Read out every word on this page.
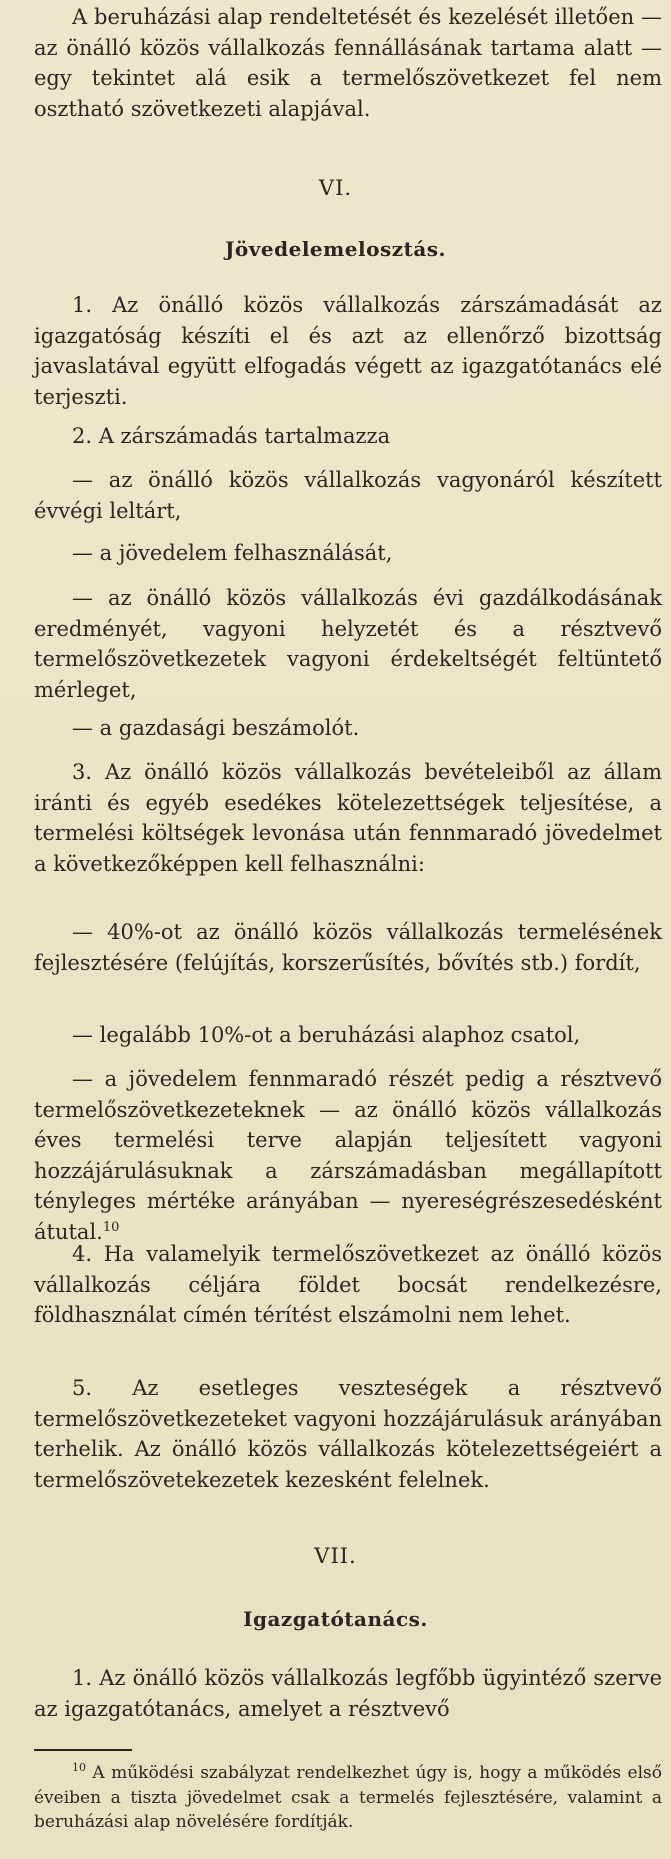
A beruházási alap rendeltetését és kezelését illetően — az önálló közös vállalkozás fennállásának tartama alatt — egy tekintet alá esik a termelőszövetkezet fel nem osztható szövetkezeti alapjával.

VI.

Jövedelemelosztás.

1. Az önálló közös vállalkozás zárszámadását az igazgatóság készíti el és azt az ellenőrző bizottság javaslatával együtt elfogadás végett az igazgatótanács elé terjeszti.

2. A zárszámadás tartalmazza

— az önálló közös vállalkozás vagyonáról készített évvégi leltárt,

— a jövedelem felhasználását,

— az önálló közös vállalkozás évi gazdálkodásának eredményét, vagyoni helyzetét és a résztvevő termelőszövetkezetek vagyoni érdekeltségét feltüntető mérleget,

— a gazdasági beszámolót.

3. Az önálló közös vállalkozás bevételeiből az állam iránti és egyéb esedékes kötelezettségek teljesítése, a termelési költségek levonása után fennmaradó jövedelmet a következőképpen kell felhasználni:

— 40%-ot az önálló közös vállalkozás termelésének fejlesztésére (felújítás, korszerűsítés, bővítés stb.) fordít,

— legalább 10%-ot a beruházási alaphoz csatol,

— a jövedelem fennmaradó részét pedig a résztvevő termelőszövetkezeteknek — az önálló közös vállalkozás éves termelési terve alapján teljesített vagyoni hozzájárulásuknak a zárszámadásban megállapított tényleges mértéke arányában — nyereségrészesedésként átutal.$^{10}$

4. Ha valamelyik termelőszövetkezet az önálló közös vállalkozás céljára földet bocsát rendelkezésre, földhasználat címén térítést elszámolni nem lehet.

5. Az esetleges veszteségek a résztvevő termelőszövetkezeteket vagyoni hozzájárulásuk arányában terhelik. Az önálló közös vállalkozás kötelezettségeiért a termelőszövetekezetek kezesként felelnek.

VII.

Igazgatótanács.

1. Az önálló közös vállalkozás legfőbb ügyintéző szerve az igazgatótanács, amelyet a résztvevő

$^{10}$ A működési szabályzat rendelkezhet úgy is, hogy a működés első éveiben a tiszta jövedelmet csak a termelés fejlesztésére, valamint a beruházási alap növelésére fordítják.
